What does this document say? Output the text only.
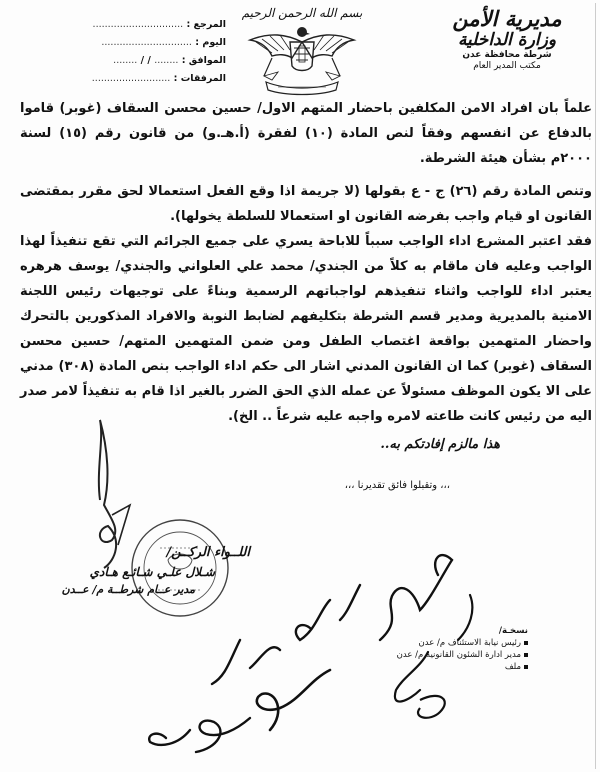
مديرية الأمن
وزارة الداخلية
شرطة محافظة عدن
مكتب المدير العام
بسم الله الرحمن الرحيم
المرجع : ..............................
اليوم : ..............................
الموافق : ........ / / ........
المرفقات : ..........................

علماً بان افراد الامن المكلفين باحضار المتهم الاول/ حسين محسن السقاف (غوبر) قاموا بالدفاع عن انفسهم وفقاً لنص المادة (١٠) لفقرة (أ.هـ.و) من قانون رقم (١٥) لسنة ٢٠٠٠م بشأن هيئة الشرطة.

وتنص المادة رقم (٢٦) ج - ع بقولها (لا جريمة اذا وقع الفعل استعمالا لحق مقرر بمقتضى القانون او قيام واجب بفرضه القانون او استعمالا للسلطة يخولها).

فقد اعتبر المشرع اداء الواجب سبباً للاباحة يسري على جميع الجرائم التي تقع تنفيذاً لهذا الواجب وعليه فان ماقام به كلاً من الجندي/ محمد علي العلواني والجندي/ يوسف هرهره يعتبر اداء للواجب واثناء تنفيذهم لواجباتهم الرسمية وبناءً على توجيهات رئيس اللجنة الامنية بالمديرية ومدير قسم الشرطة بتكليفهم لضابط النوبة والافراد المذكورين بالتحرك واحضار المتهمين بواقعة اغتصاب الطفل ومن ضمن المتهمين المتهم/ حسين محسن السقاف (غوبر) كما ان القانون المدني اشار الى حكم اداء الواجب بنص المادة (٣٠٨) مدني على الا يكون الموظف مسئولاً عن عمله الذي الحق الضرر بالغير اذا قام به تنفيذاً لامر صدر اليه من رئيس كانت طاعته لامره واجبه عليه شرعاً .. الخ).

هذا مالزم إفادتكم به..
،،، وتقبلوا فائق تقديرنا ،،،
اللــواء الركــن/
شـلال علـي شـائـع هـادي
مدير عــام شرطــة م/ عــدن
نسخـة/
رئيس نيابة الاستئناف م/ عدن
مدير ادارة الشئون القانونية م/ عدن
ملف
